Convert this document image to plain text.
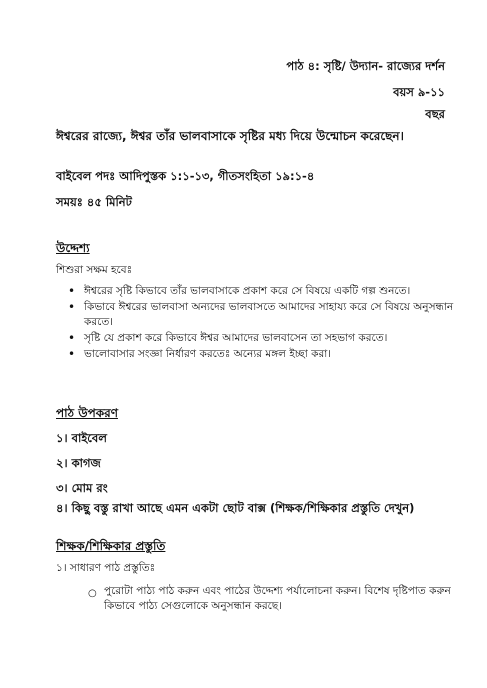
পাঠ ৪: সৃষ্টি/ উদ্যান- রাজ্যের দর্শন
বয়স ৯-১১
বছর
ঈশ্বরের রাজ্যে, ঈশ্বর তাঁর ভালবাসাকে সৃষ্টির মধ্য দিয়ে উন্মোচন করেছেন।
বাইবেল পদঃ আদিপুস্তক ১:১-১৩, গীতসংহিতা ১৯:১-৪
সময়ঃ ৪৫ মিনিট
উদ্দেশ্য
শিশুরা সক্ষম হবেঃ
• ঈশ্বরের সৃষ্টি কিভাবে তাঁর ভালবাসাকে প্রকাশ করে সে বিষয়ে একটি গল্প শুনতে।
• কিভাবে ঈশ্বরের ভালবাসা অন্যদের ভালবাসতে আমাদের সাহায্য করে সে বিষয়ে অনুসন্ধান করতে।
• সৃষ্টি যে প্রকাশ করে কিভাবে ঈশ্বর আমাদের ভালবাসেন তা সহভাগ করতে।
• ভালোবাসার সংজ্ঞা নির্ধারণ করতেঃ অন্যের মঙ্গল ইচ্ছা করা।
পাঠ উপকরণ
১। বাইবেল
২। কাগজ
৩। মোম রং
৪। কিছু বস্তু রাখা আছে এমন একটা ছোট বাক্স (শিক্ষক/শিক্ষিকার প্রস্তুতি দেখুন)
শিক্ষক/শিক্ষিকার প্রস্তুতি
১। সাধারণ পাঠ প্রস্তুতিঃ
○ পুরোটা পাঠ্য পাঠ করুন এবং পাঠের উদ্দেশ্য পর্যালোচনা করুন। বিশেষ দৃষ্টিপাত করুন কিভাবে পাঠ্য সেগুলোকে অনুসন্ধান করছে।
